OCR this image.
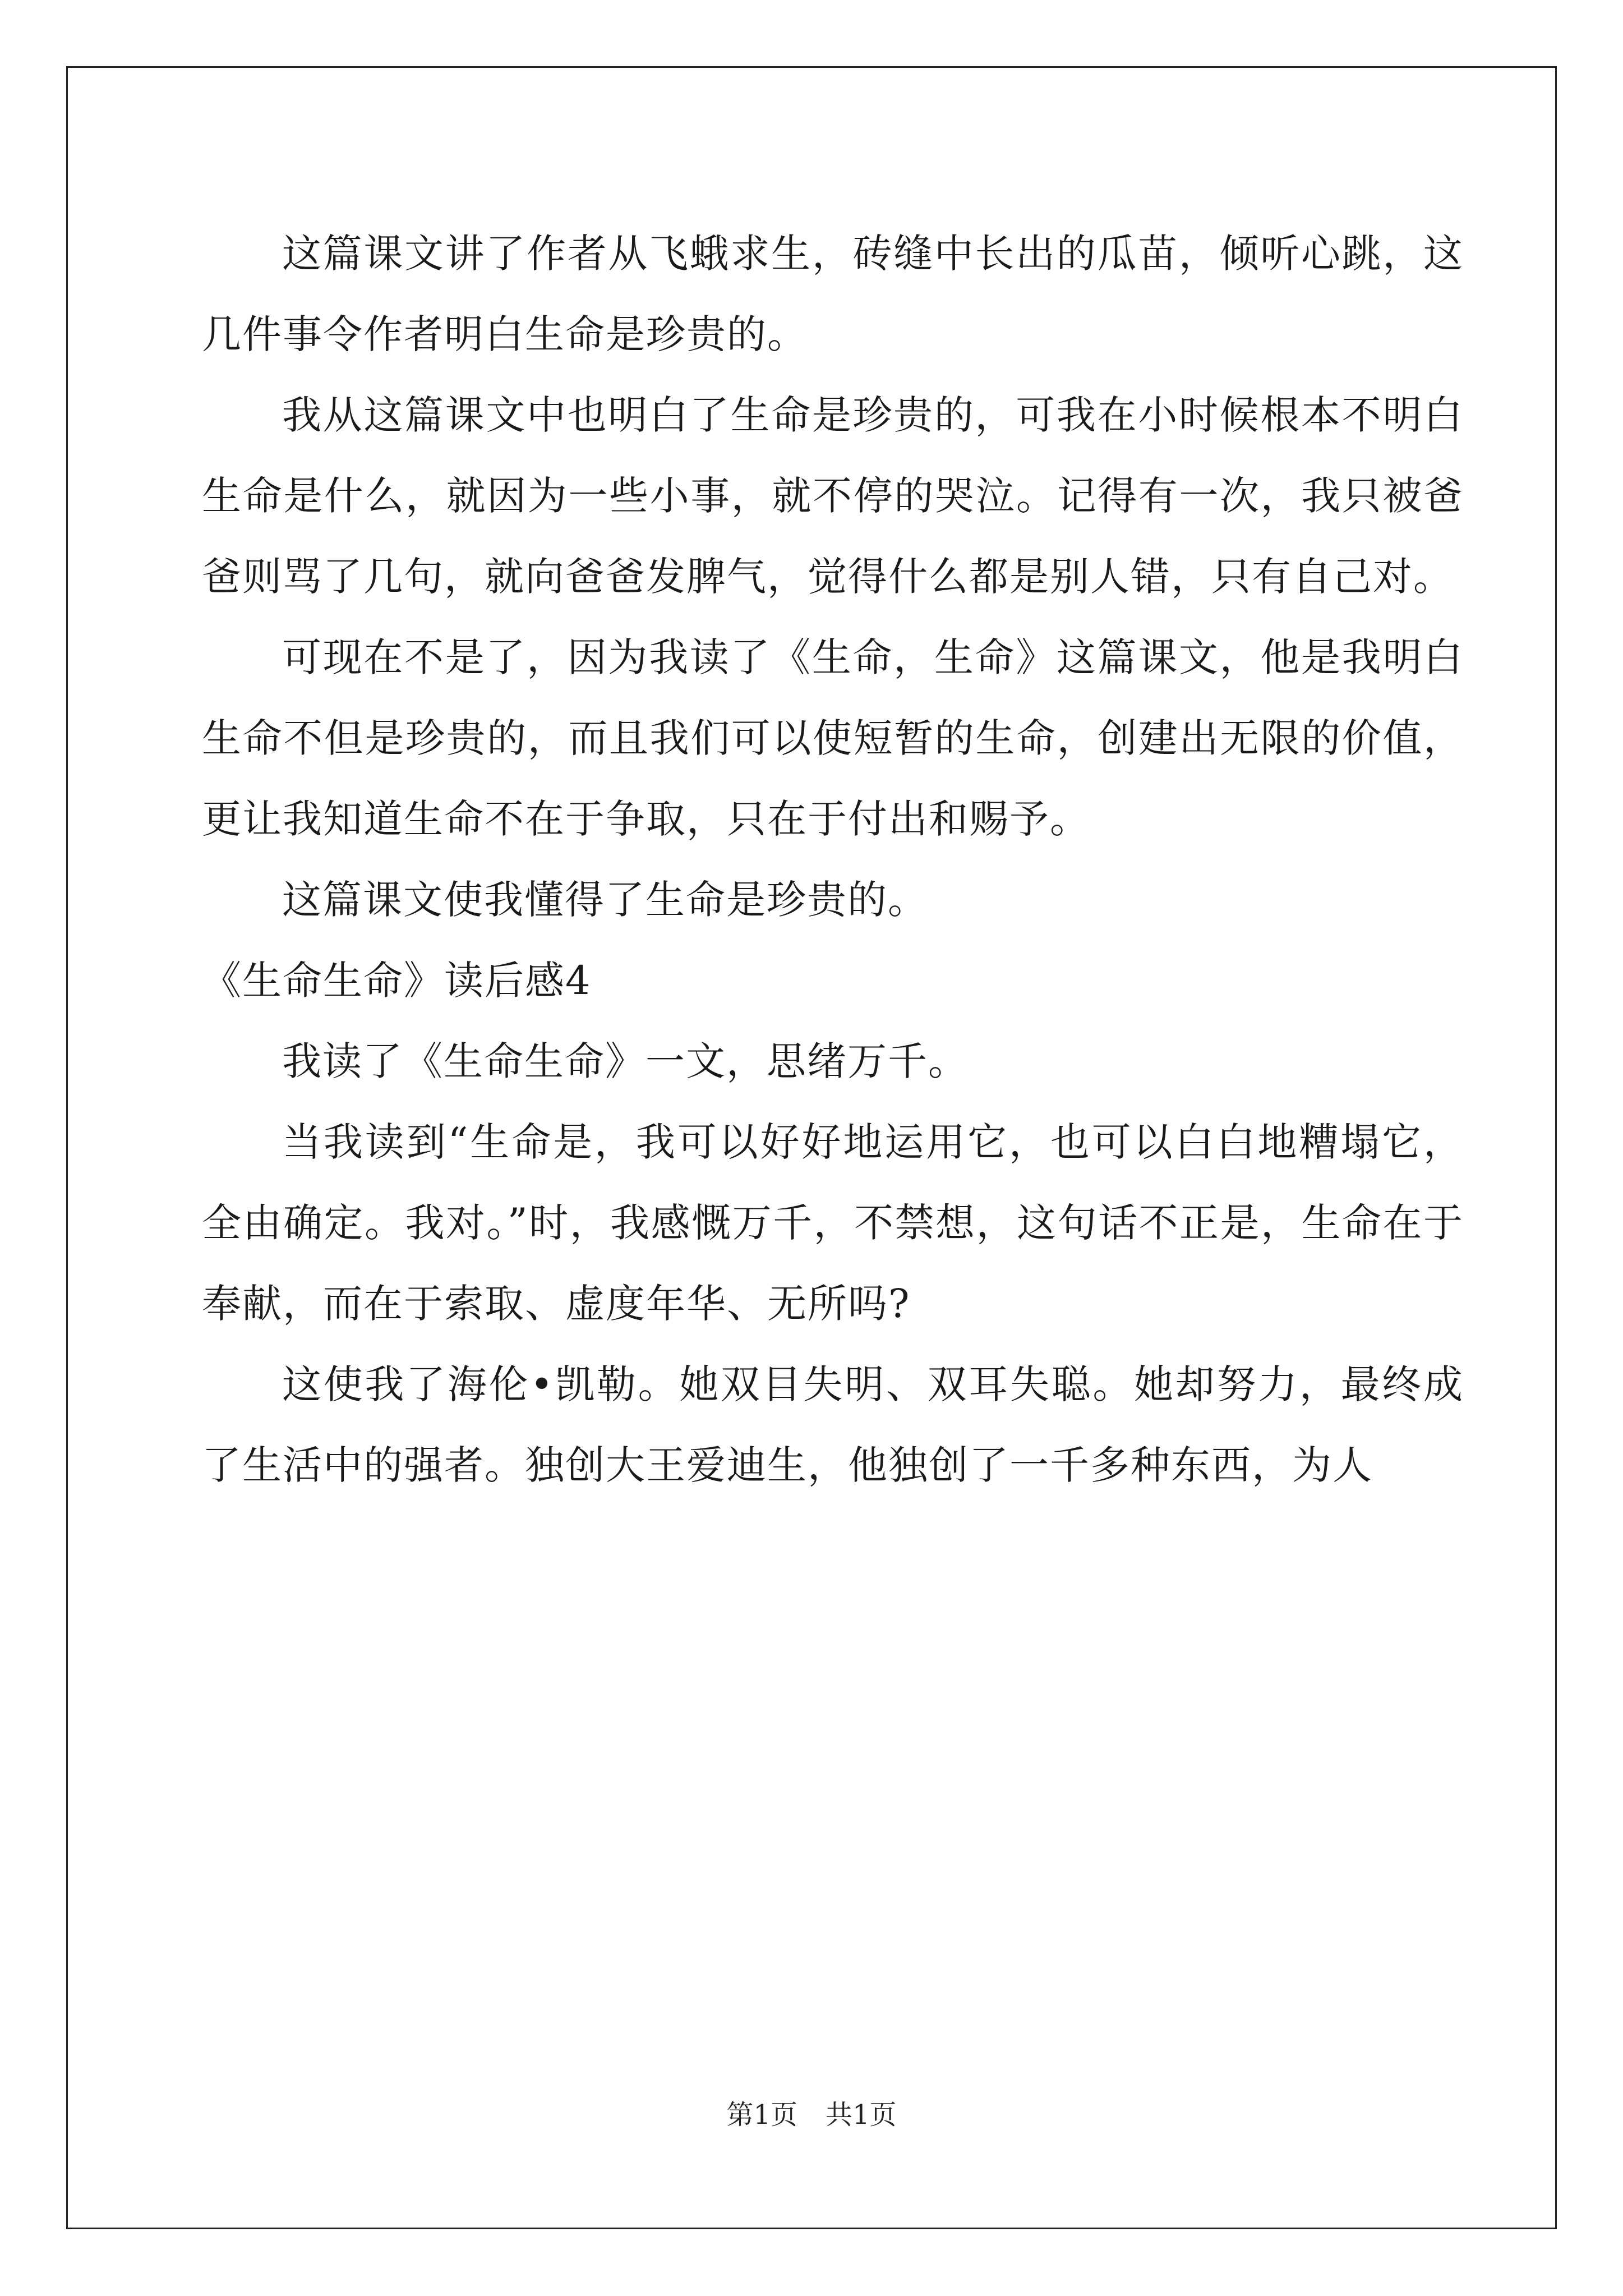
这篇课文讲了作者从飞蛾求生，砖缝中长出的瓜苗，倾听心跳，这几件事令作者明白生命是珍贵的。

我从这篇课文中也明白了生命是珍贵的，可我在小时候根本不明白生命是什么，就因为一些小事，就不停的哭泣。记得有一次，我只被爸爸则骂了几句，就向爸爸发脾气，觉得什么都是别人错，只有自己对。

可现在不是了，因为我读了《生命，生命》这篇课文，他是我明白生命不但是珍贵的，而且我们可以使短暂的生命，创建出无限的价值，更让我知道生命不在于争取，只在于付出和赐予。

这篇课文使我懂得了生命是珍贵的。

《生命生命》读后感4

我读了《生命生命》一文，思绪万千。

当我读到“生命是，我可以好好地运用它，也可以白白地糟塌它，全由确定。我对。”时，我感慨万千，不禁想，这句话不正是，生命在于奉献，而在于索取、虚度年华、无所吗?

这使我了海伦•凯勒。她双目失明、双耳失聪。她却努力，最终成了生活中的强者。独创大王爱迪生，他独创了一千多种东西，为人

第1页 共1页
